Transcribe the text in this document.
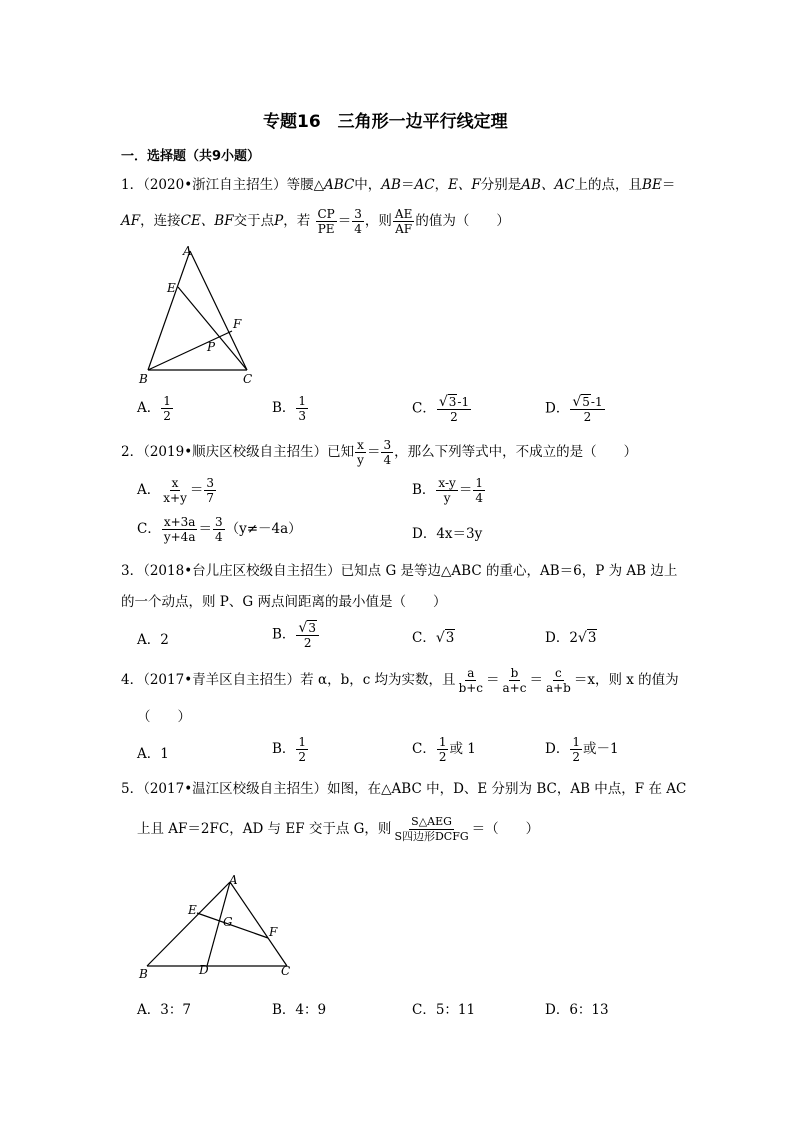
专题16　三角形一边平行线定理
一．选择题（共9小题）
1．（2020•浙江自主招生）等腰△ABC中，AB＝AC，E、F分别是AB、AC上的点，且BE＝
AF，连接CE、BF交于点P，若 $\frac{CP}{PE} = \frac{3}{4}$ ，则 $\frac{AE}{AF}$ 的值为（　　）
A
E
F
P
B	C
A． $\frac{1}{2}$	B． $\frac{1}{3}$	C． $\frac{√3-1}{2}$	D． $\frac{√5-1}{2}$
2．（2019•顺庆区校级自主招生）已知 $\frac{x}{y} = \frac{3}{4}$ ，那么下列等式中，不成立的是（　　）
A． $\frac{x}{x+y} = \frac{3}{7}$	B． $\frac{x-y}{y} = \frac{1}{4}$
C． $\frac{x+3a}{y+4a} = \frac{3}{4} (y\ne-4a)$	D．4x＝3y
3．（2018•台儿庄区校级自主招生）已知点 G 是等边△ABC 的重心，AB＝6，P 为 AB 边上
的一个动点，则 P、G 两点间距离的最小值是（　　）
A．2	B． $\frac{√3}{2}$	C．√3	D．2√3
4．（2017•青羊区自主招生）若 α，b，c 均为实数，且 $\frac{a}{b+c} = \frac{b}{a+c} = \frac{c}{a+b} =x$，则 x 的值为
（　　）
A．1	B． $\frac{1}{2}$	C． $\frac{1}{2}$ 或 1	D． $\frac{1}{2}$ 或－1
5．（2017•温江区校级自主招生）如图，在△ABC 中，D、E 分别为 BC，AB 中点，F 在 AC
上且 AF＝2FC，AD 与 EF 交于点 G，则 $\frac{\text{S△AEG}}{\text{S四边形DCFG}}$ ＝（　　）
A
E
G
F
B	D	C
A．3：7	B．4：9	C．5：11	D．6：13
